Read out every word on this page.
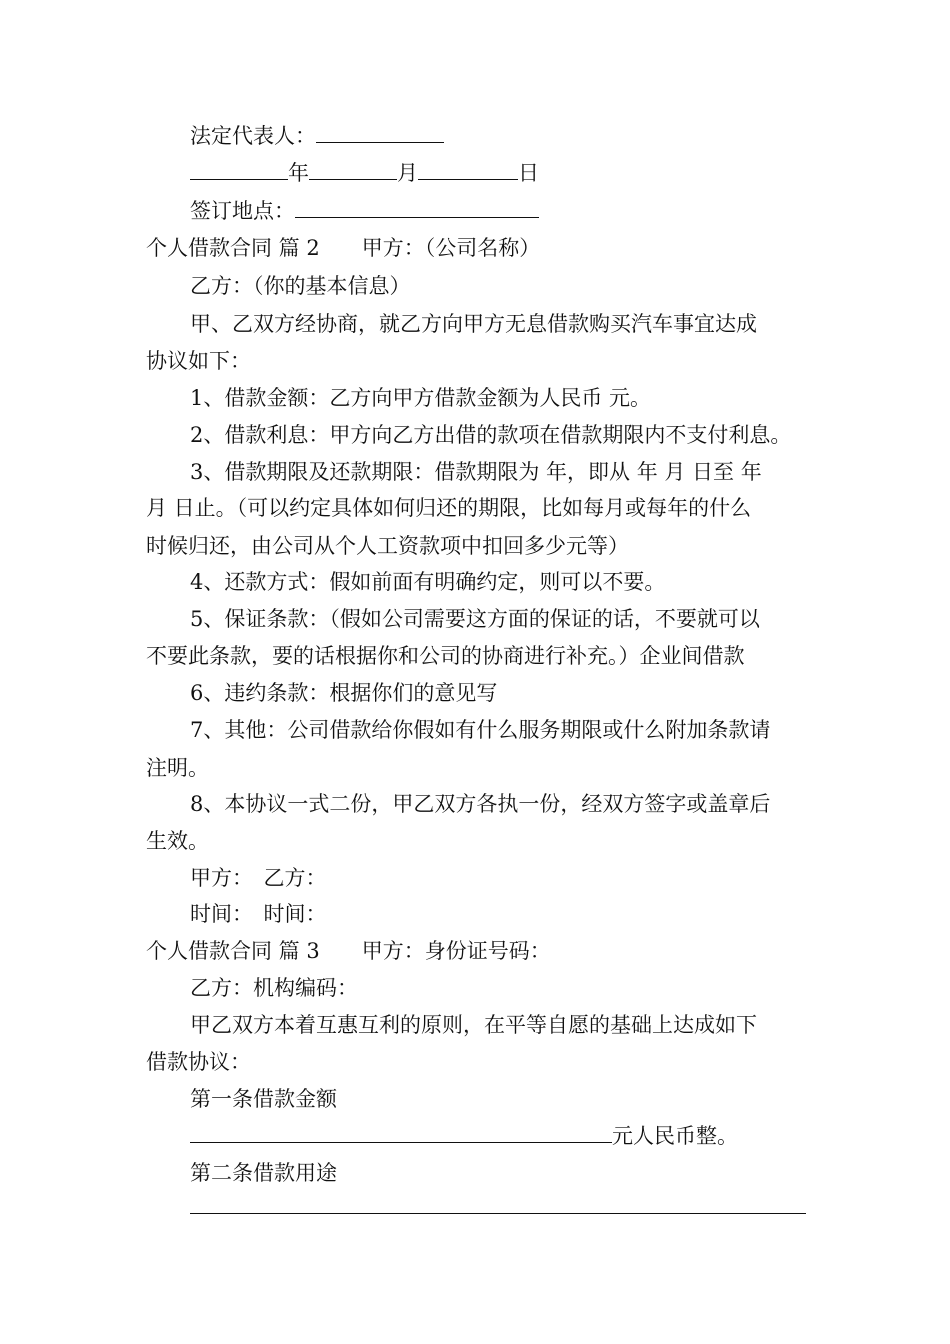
法定代表人：
年	月	日
签订地点：
个人借款合同 篇 2 甲方：（公司名称）
乙方：（你的基本信息）
甲、乙双方经协商，就乙方向甲方无息借款购买汽车事宜达成
协议如下：
1、借款金额：乙方向甲方借款金额为人民币 元。
2、借款利息：甲方向乙方出借的款项在借款期限内不支付利息。
3、借款期限及还款期限：借款期限为 年，即从 年 月 日至 年
月 日止。（可以约定具体如何归还的期限，比如每月或每年的什么
时候归还，由公司从个人工资款项中扣回多少元等）
4、还款方式：假如前面有明确约定，则可以不要。
5、保证条款：（假如公司需要这方面的保证的话，不要就可以
不要此条款，要的话根据你和公司的协商进行补充。）企业间借款
6、违约条款：根据你们的意见写
7、其他：公司借款给你假如有什么服务期限或什么附加条款请
注明。
8、本协议一式二份，甲乙双方各执一份，经双方签字或盖章后
生效。
甲方：　乙方：
时间：　时间：
个人借款合同 篇 3 甲方：身份证号码：
乙方：机构编码：
甲乙双方本着互惠互利的原则，在平等自愿的基础上达成如下
借款协议：
第一条借款金额
元人民币整。
第二条借款用途
